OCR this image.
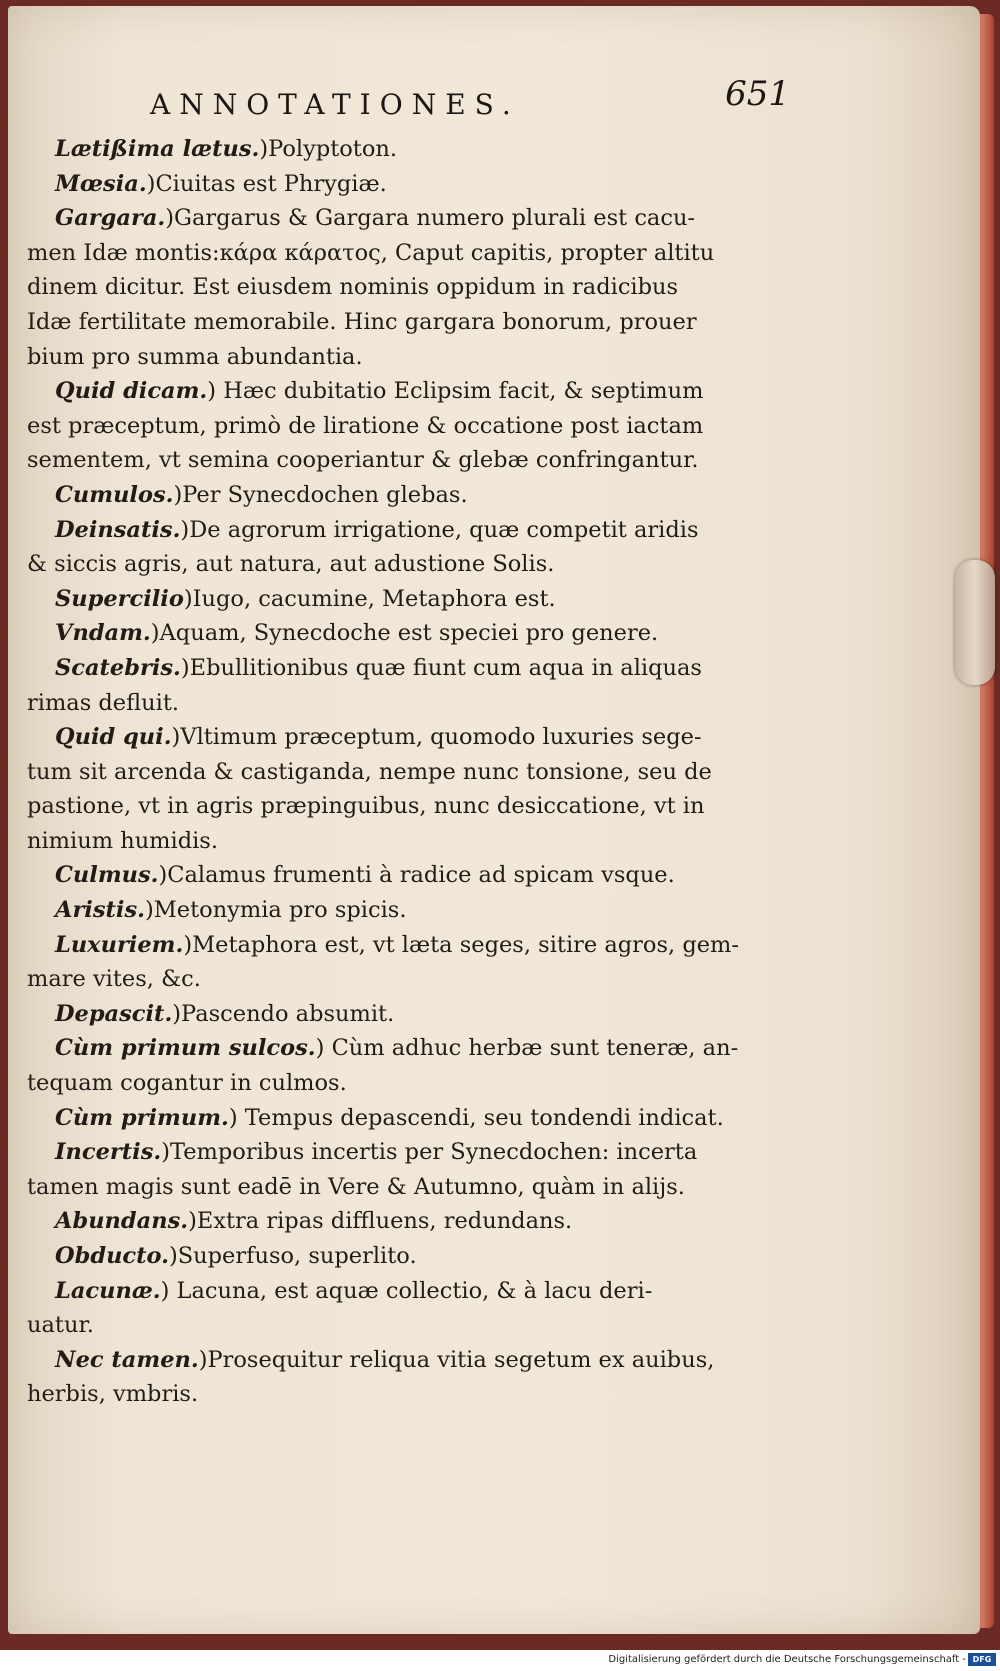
ANNOTATIONES.	651
Lætißima lætus.)Polyptoton.
Mœsia.)Ciuitas est Phrygiæ.
Gargara.)Gargarus & Gargara numero plurali est cacu-
men Idæ montis:κάρα κάρατος, Caput capitis, propter altitu
dinem dicitur. Est eiusdem nominis oppidum in radicibus
Idæ fertilitate memorabile. Hinc gargara bonorum, prouer
bium pro summa abundantia.
Quid dicam.) Hæc dubitatio Eclipsim facit, & septimum
est præceptum, primò de liratione & occatione post iactam
sementem, vt semina cooperiantur & glebæ confringantur.
Cumulos.)Per Synecdochen glebas.
Deinsatis.)De agrorum irrigatione, quæ competit aridis
& siccis agris, aut natura, aut adustione Solis.
Supercilio)Iugo, cacumine, Metaphora est.
Vndam.)Aquam, Synecdoche est speciei pro genere.
Scatebris.)Ebullitionibus quæ fiunt cum aqua in aliquas
rimas defluit.
Quid qui.)Vltimum præceptum, quomodo luxuries sege-
tum sit arcenda & castiganda, nempe nunc tonsione, seu de
pastione, vt in agris præpinguibus, nunc desiccatione, vt in
nimium humidis.
Culmus.)Calamus frumenti à radice ad spicam vsque.
Aristis.)Metonymia pro spicis.
Luxuriem.)Metaphora est, vt læta seges, sitire agros, gem-
mare vites, &c.
Depascit.)Pascendo absumit.
Cùm primum sulcos.) Cùm adhuc herbæ sunt teneræ, an-
tequam cogantur in culmos.
Cùm primum.) Tempus depascendi, seu tondendi indicat.
Incertis.)Temporibus incertis per Synecdochen: incerta
tamen magis sunt eadē in Vere & Autumno, quàm in alijs.
Abundans.)Extra ripas diffluens, redundans.
Obducto.)Superfuso, superlito.
Lacunæ.) Lacuna, est aquæ collectio, & à lacu deri-
uatur.
Nec tamen.)Prosequitur reliqua vitia segetum ex auibus,
herbis, vmbris.
Digitalisierung gefördert durch die Deutsche Forschungsgemeinschaft - DFG
